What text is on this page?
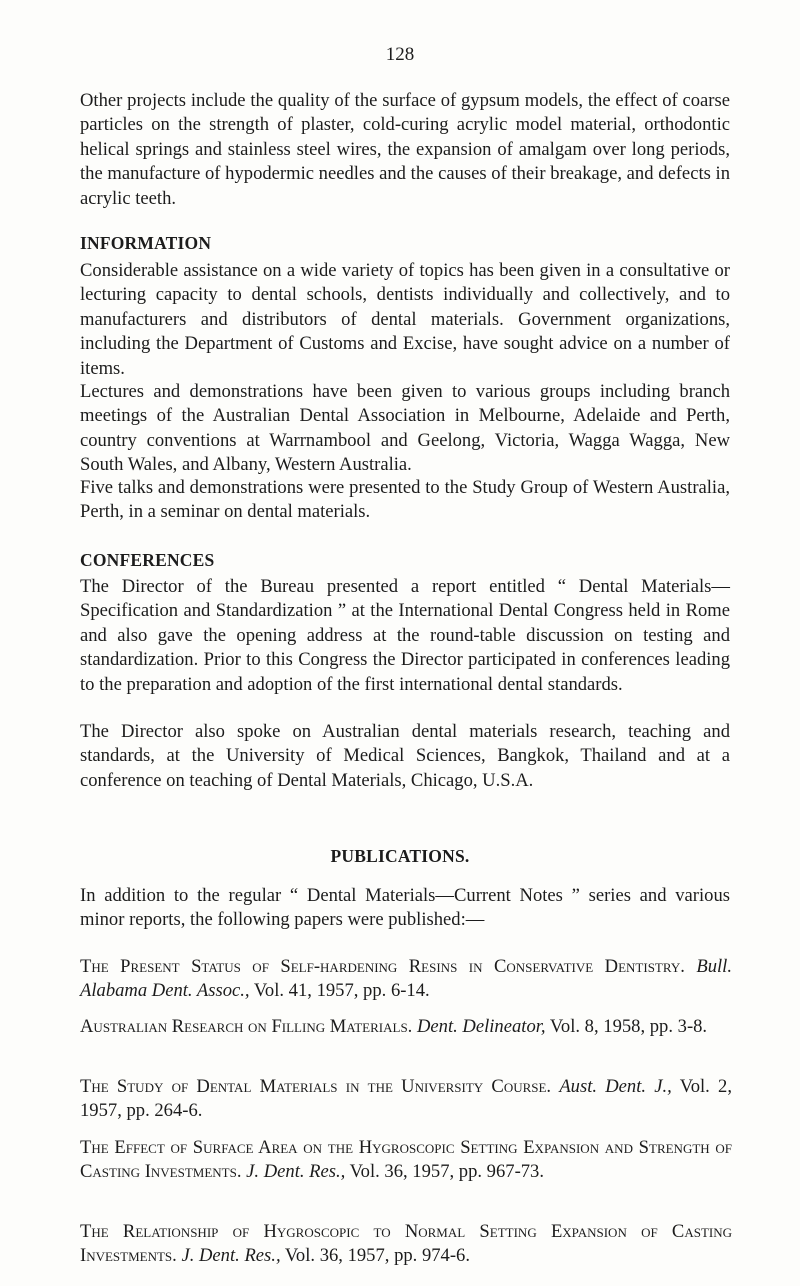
128

Other projects include the quality of the surface of gypsum models, the effect of coarse particles on the strength of plaster, cold-curing acrylic model material, orthodontic helical springs and stainless steel wires, the expansion of amalgam over long periods, the manufacture of hypodermic needles and the causes of their breakage, and defects in acrylic teeth.

INFORMATION

Considerable assistance on a wide variety of topics has been given in a consultative or lecturing capacity to dental schools, dentists individually and collectively, and to manufacturers and distributors of dental materials. Government organizations, including the Department of Customs and Excise, have sought advice on a number of items.

Lectures and demonstrations have been given to various groups including branch meetings of the Australian Dental Association in Melbourne, Adelaide and Perth, country conventions at Warrnambool and Geelong, Victoria, Wagga Wagga, New South Wales, and Albany, Western Australia.

Five talks and demonstrations were presented to the Study Group of Western Australia, Perth, in a seminar on dental materials.

CONFERENCES

The Director of the Bureau presented a report entitled “ Dental Materials— Specification and Standardization ” at the International Dental Congress held in Rome and also gave the opening address at the round-table discussion on testing and standardization. Prior to this Congress the Director participated in conferences leading to the preparation and adoption of the first international dental standards.

The Director also spoke on Australian dental materials research, teaching and standards, at the University of Medical Sciences, Bangkok, Thailand and at a conference on teaching of Dental Materials, Chicago, U.S.A.

PUBLICATIONS.

In addition to the regular “ Dental Materials—Current Notes ” series and various minor reports, the following papers were published:—

The Present Status of Self-hardening Resins in Conservative Dentistry. Bull. Alabama Dent. Assoc., Vol. 41, 1957, pp. 6-14.

Australian Research on Filling Materials. Dent. Delineator, Vol. 8, 1958, pp. 3-8.

The Study of Dental Materials in the University Course. Aust. Dent. J., Vol. 2, 1957, pp. 264-6.

The Effect of Surface Area on the Hygroscopic Setting Expansion and Strength of Casting Investments. J. Dent. Res., Vol. 36, 1957, pp. 967-73.

The Relationship of Hygroscopic to Normal Setting Expansion of Casting Investments. J. Dent. Res., Vol. 36, 1957, pp. 974-6.
